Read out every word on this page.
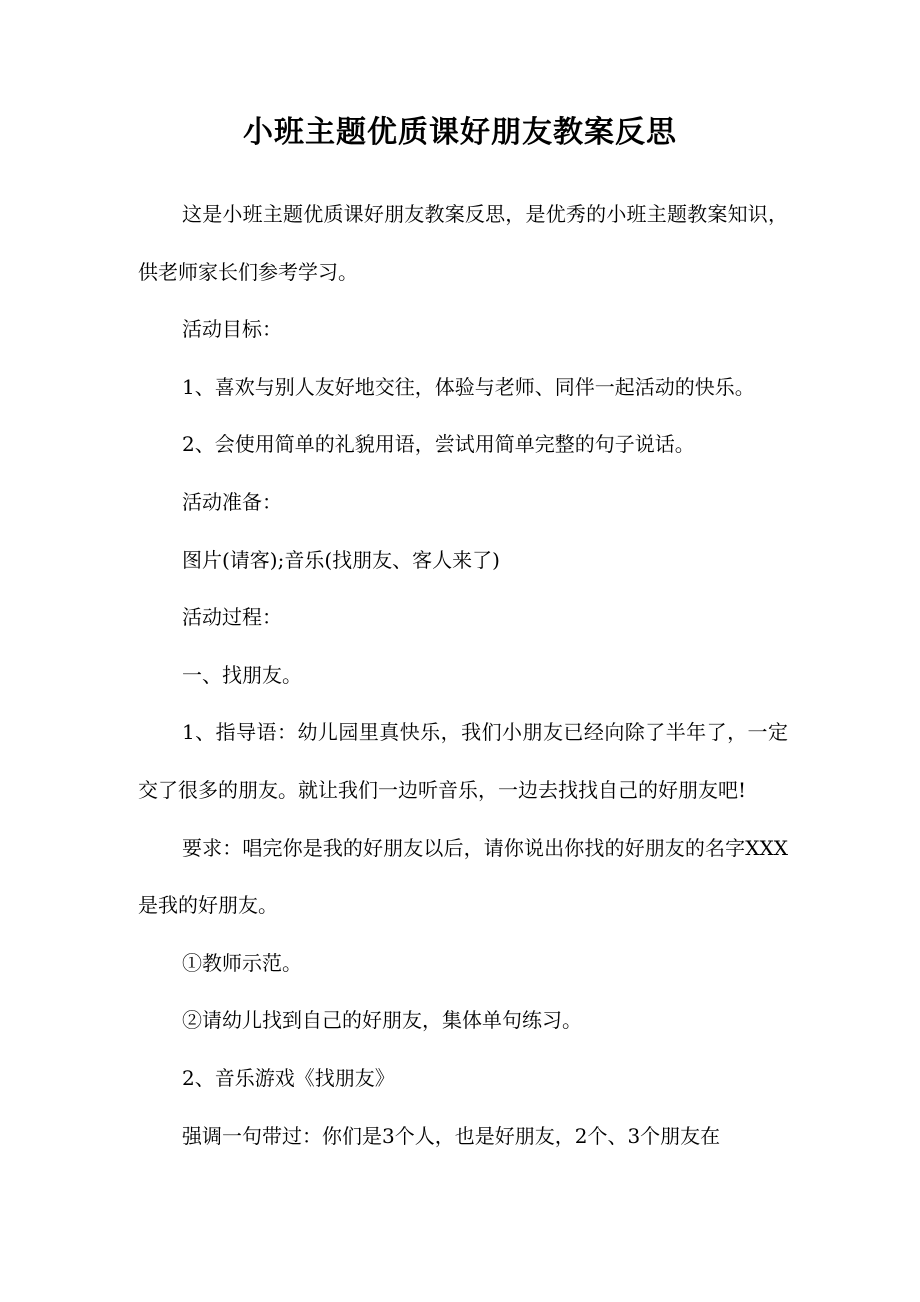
小班主题优质课好朋友教案反思

这是小班主题优质课好朋友教案反思，是优秀的小班主题教案知识，供老师家长们参考学习。

活动目标：

1、喜欢与别人友好地交往，体验与老师、同伴一起活动的快乐。

2、会使用简单的礼貌用语，尝试用简单完整的句子说话。

活动准备：

图片(请客);音乐(找朋友、客人来了)

活动过程：

一、找朋友。

1、指导语：幼儿园里真快乐，我们小朋友已经向除了半年了，一定交了很多的朋友。就让我们一边听音乐，一边去找找自己的好朋友吧!

要求：唱完你是我的好朋友以后，请你说出你找的好朋友的名字XXX是我的好朋友。

①教师示范。

②请幼儿找到自己的好朋友，集体单句练习。

2、音乐游戏《找朋友》

强调一句带过：你们是3个人，也是好朋友，2个、3个朋友在
